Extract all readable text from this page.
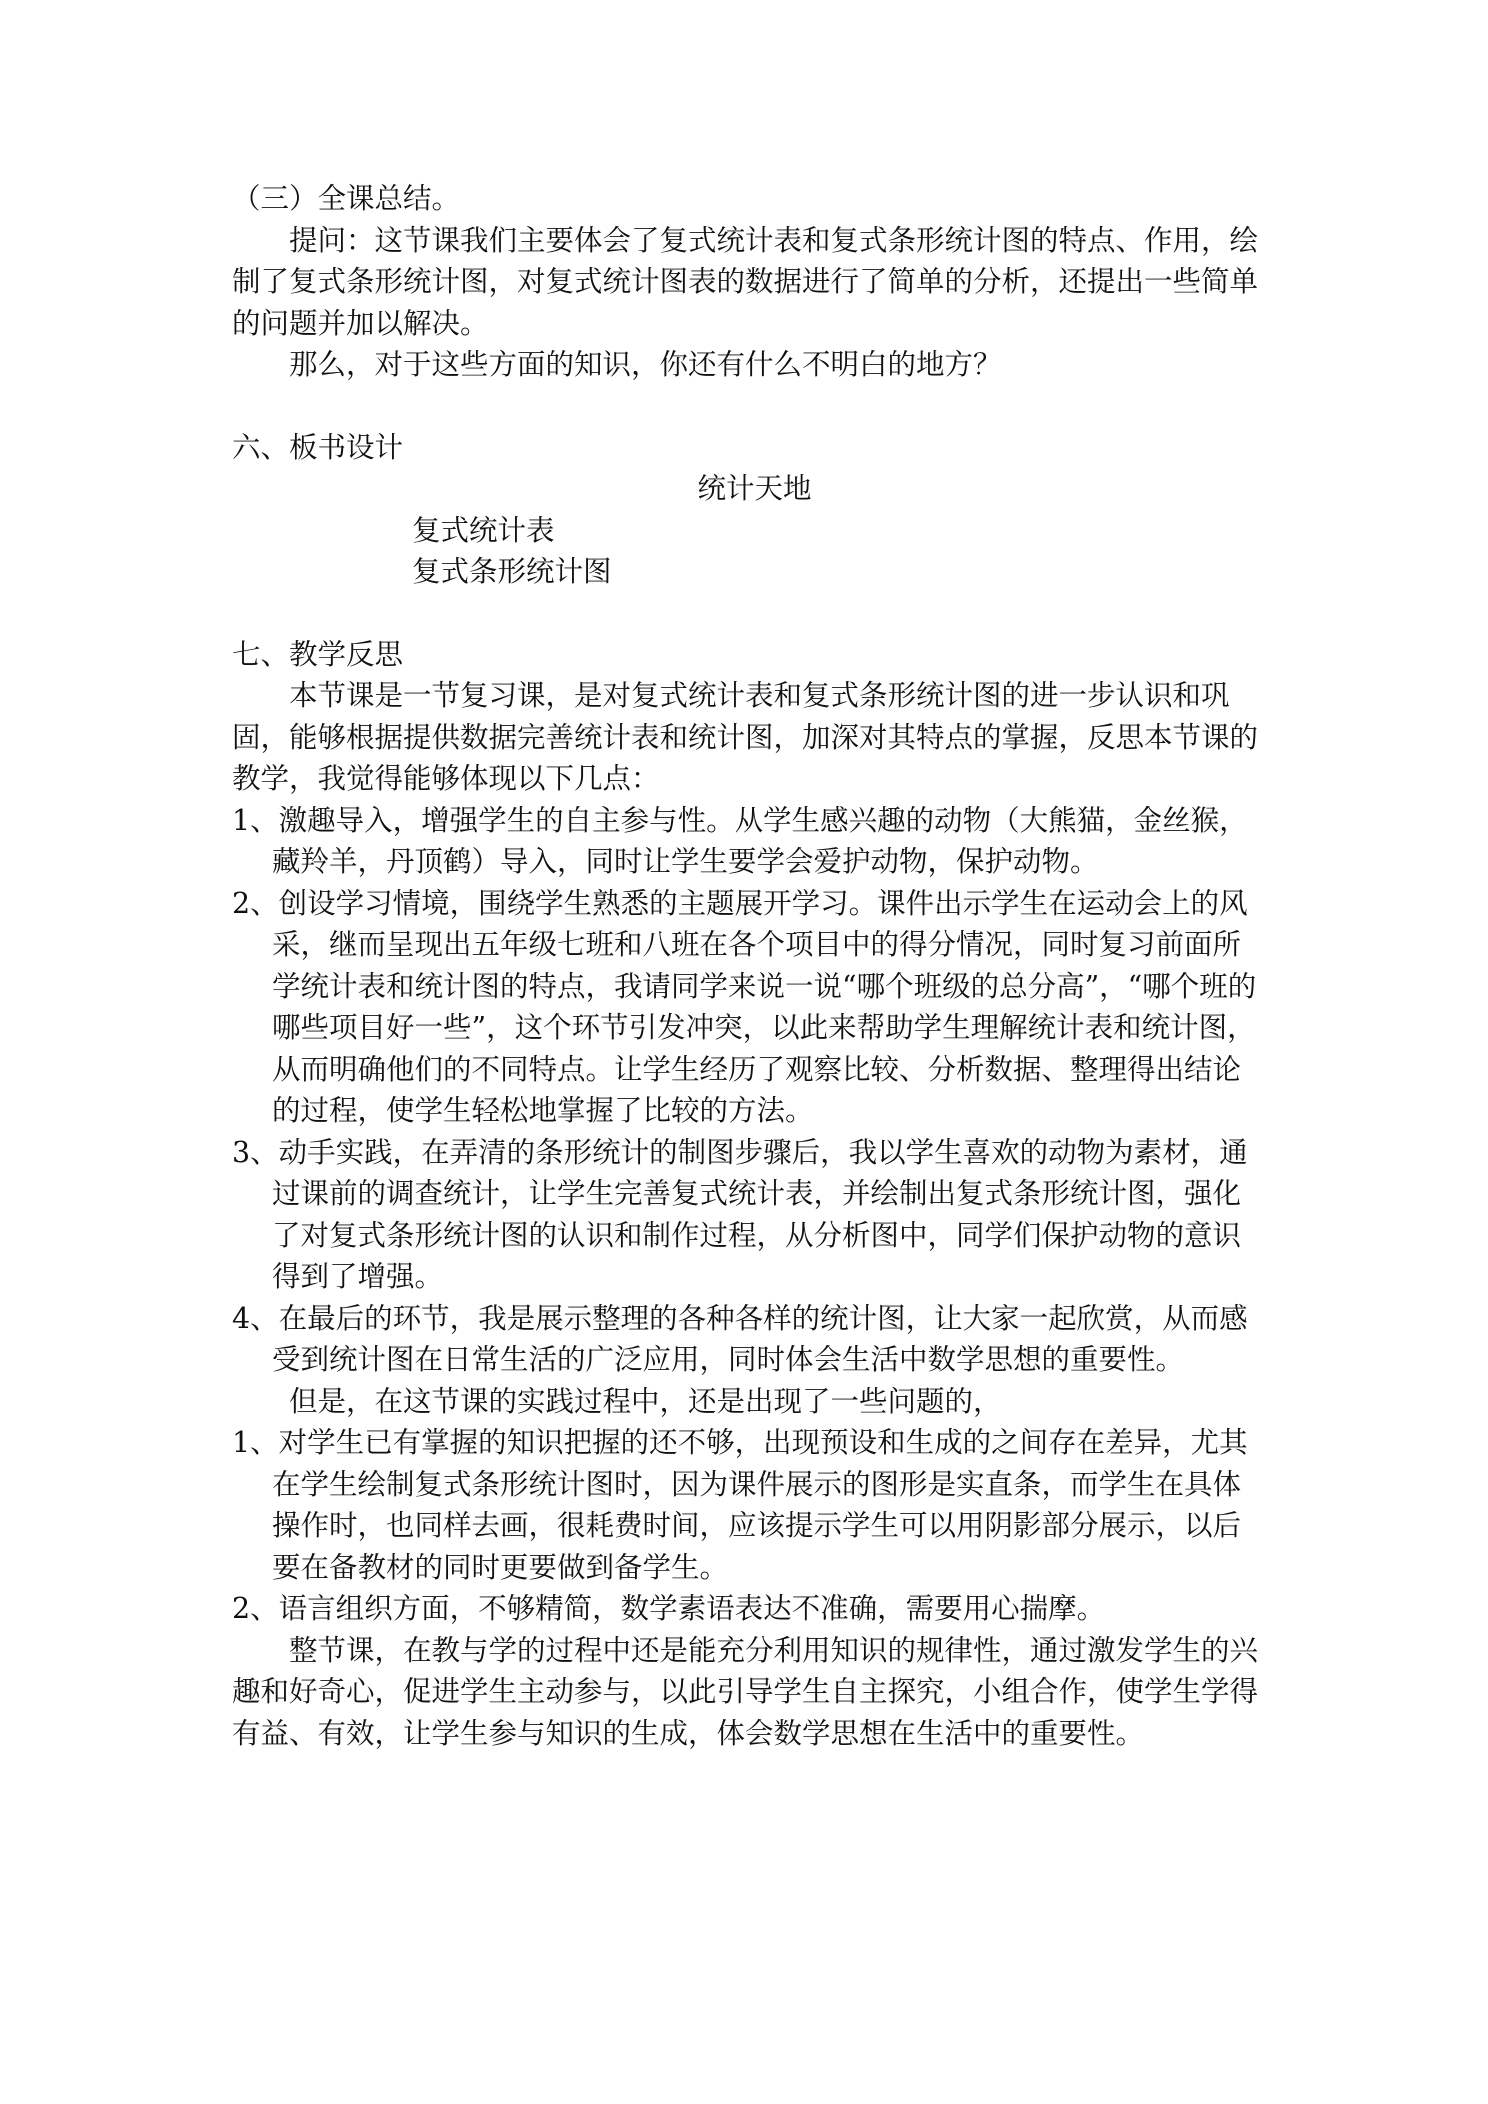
（三）全课总结。

提问：这节课我们主要体会了复式统计表和复式条形统计图的特点、作用，绘制了复式条形统计图，对复式统计图表的数据进行了简单的分析，还提出一些简单的问题并加以解决。

那么，对于这些方面的知识，你还有什么不明白的地方？

六、板书设计

统计天地

复式统计表

复式条形统计图

七、教学反思

本节课是一节复习课，是对复式统计表和复式条形统计图的进一步认识和巩固，能够根据提供数据完善统计表和统计图，加深对其特点的掌握，反思本节课的教学，我觉得能够体现以下几点：

1、激趣导入，增强学生的自主参与性。从学生感兴趣的动物（大熊猫，金丝猴，藏羚羊，丹顶鹤）导入，同时让学生要学会爱护动物，保护动物。

2、创设学习情境，围绕学生熟悉的主题展开学习。课件出示学生在运动会上的风采，继而呈现出五年级七班和八班在各个项目中的得分情况，同时复习前面所学统计表和统计图的特点，我请同学来说一说“哪个班级的总分高”，“哪个班的哪些项目好一些”，这个环节引发冲突，以此来帮助学生理解统计表和统计图，从而明确他们的不同特点。让学生经历了观察比较、分析数据、整理得出结论的过程，使学生轻松地掌握了比较的方法。

3、动手实践，在弄清的条形统计的制图步骤后，我以学生喜欢的动物为素材，通过课前的调查统计，让学生完善复式统计表，并绘制出复式条形统计图，强化了对复式条形统计图的认识和制作过程，从分析图中，同学们保护动物的意识得到了增强。

4、在最后的环节，我是展示整理的各种各样的统计图，让大家一起欣赏，从而感受到统计图在日常生活的广泛应用，同时体会生活中数学思想的重要性。

但是，在这节课的实践过程中，还是出现了一些问题的，

1、对学生已有掌握的知识把握的还不够，出现预设和生成的之间存在差异，尤其在学生绘制复式条形统计图时，因为课件展示的图形是实直条，而学生在具体操作时，也同样去画，很耗费时间，应该提示学生可以用阴影部分展示，以后要在备教材的同时更要做到备学生。

2、语言组织方面，不够精简，数学素语表达不准确，需要用心揣摩。

整节课，在教与学的过程中还是能充分利用知识的规律性，通过激发学生的兴趣和好奇心，促进学生主动参与，以此引导学生自主探究，小组合作，使学生学得有益、有效，让学生参与知识的生成，体会数学思想在生活中的重要性。
